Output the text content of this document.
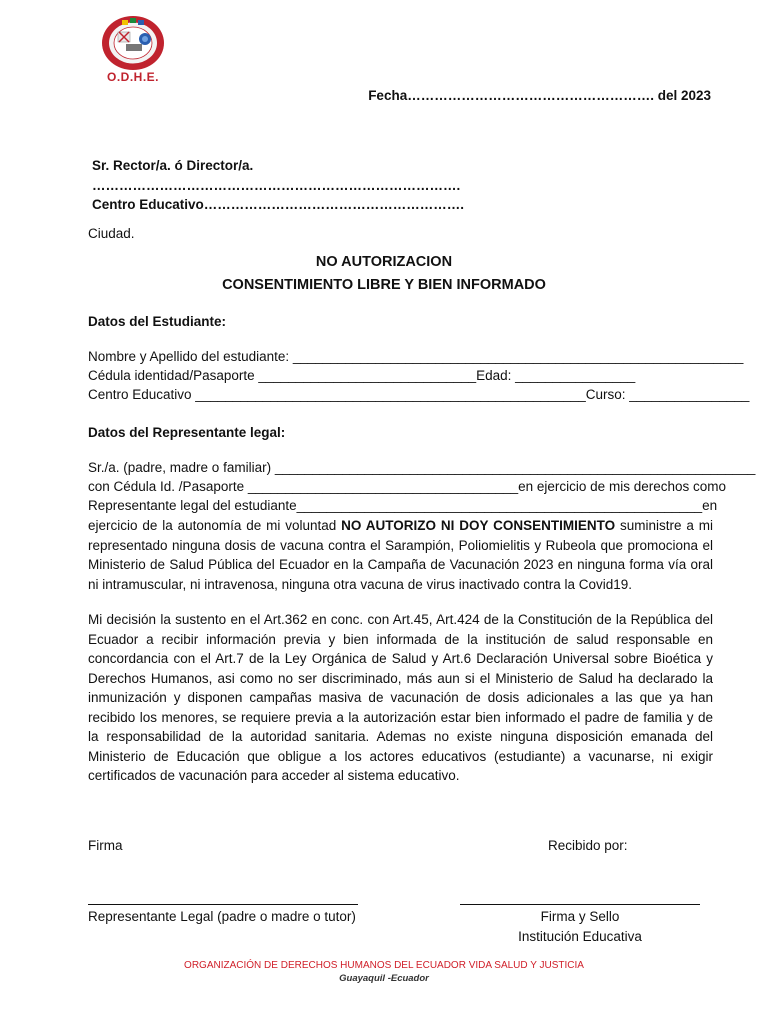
O.D.H.E.
Fecha………………………………………………. del 2023
Sr. Rector/a. ó Director/a.
……………………………………………………………………….
Centro Educativo………………………………………………….
Ciudad.
NO AUTORIZACION
CONSENTIMIENTO LIBRE Y BIEN INFORMADO
Datos del Estudiante:
Nombre y Apellido del estudiante: ____________________________________________________________
Cédula identidad/Pasaporte _____________________________Edad: ________________
Centro Educativo ____________________________________________________Curso: ________________
Datos del Representante legal:
Sr./a. (padre, madre o familiar) ________________________________________________________________
con Cédula Id. /Pasaporte ____________________________________en ejercicio de mis derechos como
Representante legal del estudiante______________________________________________________en
ejercicio de la autonomía de mi voluntad NO AUTORIZO NI DOY CONSENTIMIENTO suministre a mi representado ninguna dosis de vacuna contra el Sarampión, Poliomielitis y Rubeola que promociona el Ministerio de Salud Pública del Ecuador en la Campaña de Vacunación 2023 en ninguna forma vía oral ni intramuscular, ni intravenosa, ninguna otra vacuna de virus inactivado contra la Covid19.
Mi decisión la sustento en el Art.362 en conc. con Art.45, Art.424 de la Constitución de la República del Ecuador a recibir información previa y bien informada de la institución de salud responsable en concordancia con el Art.7 de la Ley Orgánica de Salud y Art.6 Declaración Universal sobre Bioética y Derechos Humanos, asi como no ser discriminado, más aun si el Ministerio de Salud ha declarado la inmunización y disponen campañas masiva de vacunación de dosis adicionales a las que ya han recibido los menores, se requiere previa a la autorización estar bien informado el padre de familia y de la responsabilidad de la autoridad sanitaria. Ademas no existe ninguna disposición emanada del Ministerio de Educación que obligue a los actores educativos (estudiante) a vacunarse, ni exigir certificados de vacunación para acceder al sistema educativo.
Firma	Recibido por:
Representante Legal (padre o madre o tutor)	Firma y Sello
Institución Educativa
ORGANIZACIÓN DE DERECHOS HUMANOS DEL ECUADOR VIDA SALUD Y JUSTICIA
Guayaquil -Ecuador
